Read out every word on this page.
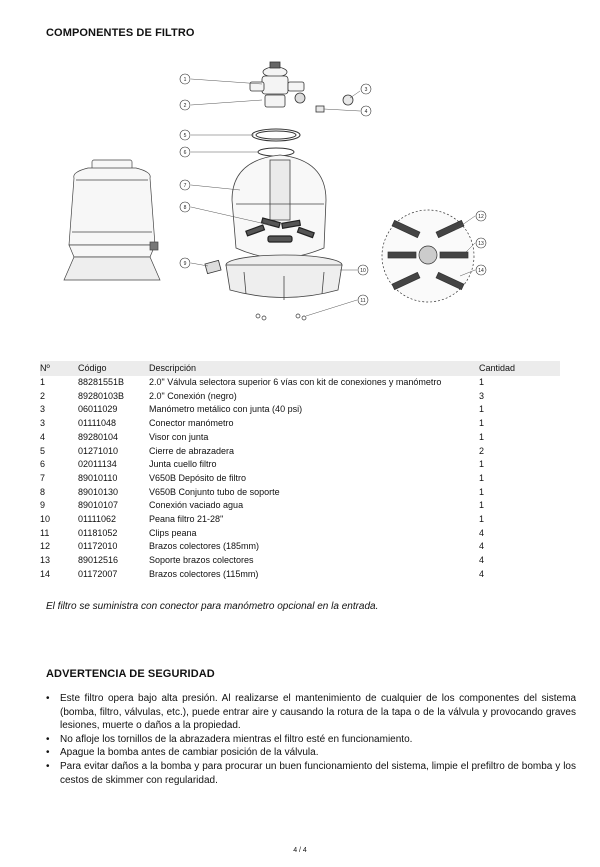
COMPONENTES DE FILTRO
1
2
3
4
5
6
7
8
9
10
11
12
13
14
Nº	Código	Descripción	Cantidad
1	88281551B	2.0" Válvula selectora superior 6 vías con kit de conexiones y manómetro	1
2	89280103B	2.0" Conexión (negro)	3
3	06011029	Manómetro metálico con junta (40 psi)	1
3	01111048	Conector manómetro	1
4	89280104	Visor con junta	1
5	01271010	Cierre de abrazadera	2
6	02011134	Junta cuello filtro	1
7	89010110	V650B Depósito de filtro	1
8	89010130	V650B Conjunto tubo de soporte	1
9	89010107	Conexión vaciado agua	1
10	01111062	Peana filtro 21-28''	1
11	01181052	Clips peana	4
12	01172010	Brazos colectores (185mm)	4
13	89012516	Soporte brazos colectores	4
14	01172007	Brazos colectores (115mm)	4
El filtro se suministra con conector para manómetro opcional en la entrada.
ADVERTENCIA DE SEGURIDAD
• Este filtro opera bajo alta presión. Al realizarse el mantenimiento de cualquier de los componentes del sistema (bomba, filtro, válvulas, etc.), puede entrar aire y causando la rotura de la tapa o de la válvula y provocando graves lesiones, muerte o daños a la propiedad.
• No afloje los tornillos de la abrazadera mientras el filtro esté en funcionamiento.
• Apague la bomba antes de cambiar posición de la válvula.
• Para evitar daños a la bomba y para procurar un buen funcionamiento del sistema, limpie el prefiltro de bomba y los cestos de skimmer con regularidad.
4 / 4
